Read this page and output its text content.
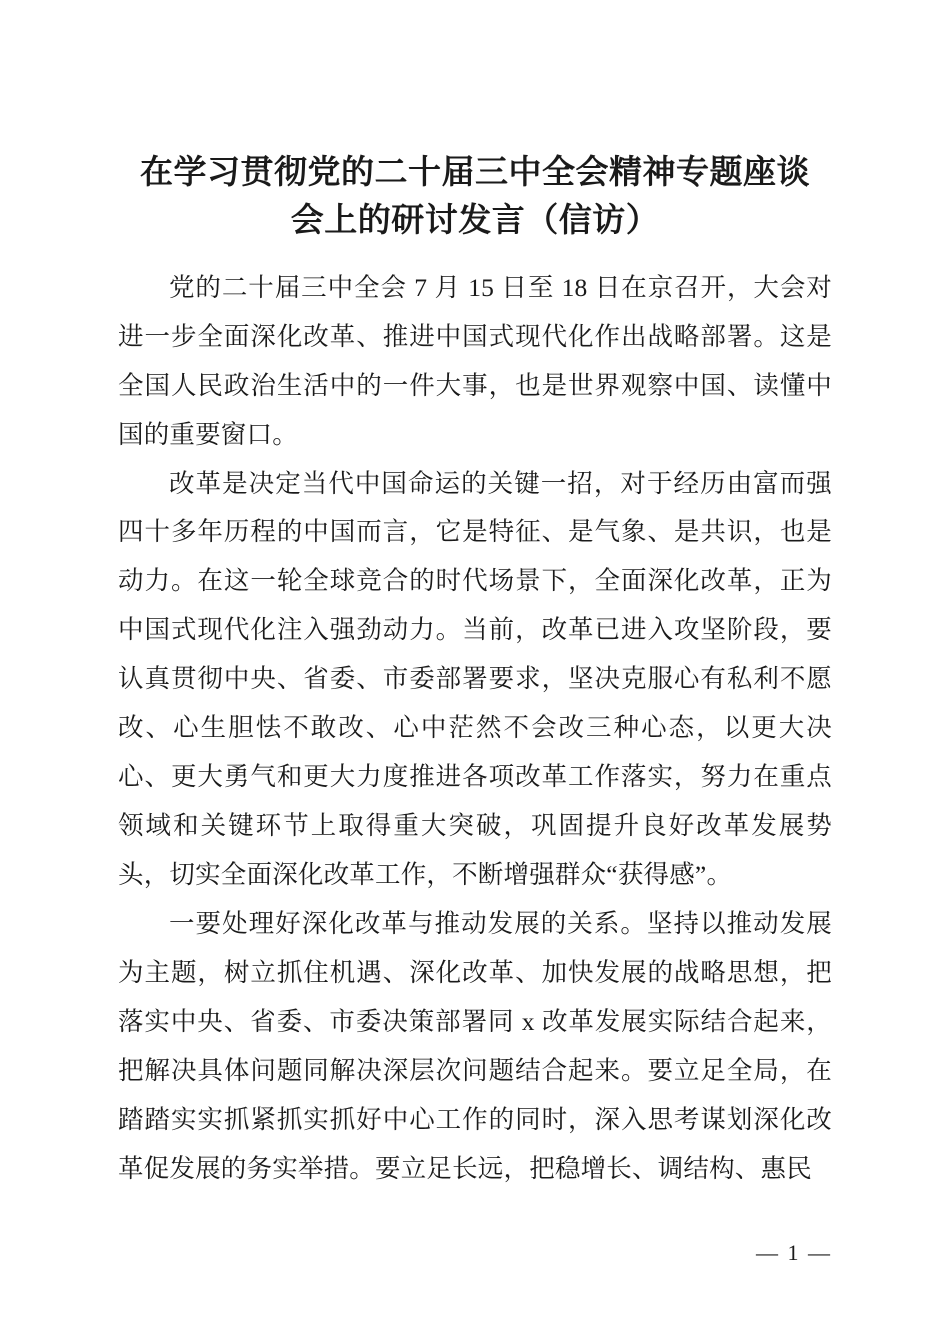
在学习贯彻党的二十届三中全会精神专题座谈会上的研讨发言（信访）

党的二十届三中全会 7 月 15 日至 18 日在京召开，大会对进一步全面深化改革、推进中国式现代化作出战略部署。这是全国人民政治生活中的一件大事，也是世界观察中国、读懂中国的重要窗口。

改革是决定当代中国命运的关键一招，对于经历由富而强四十多年历程的中国而言，它是特征、是气象、是共识，也是动力。在这一轮全球竞合的时代场景下，全面深化改革，正为中国式现代化注入强劲动力。当前，改革已进入攻坚阶段，要认真贯彻中央、省委、市委部署要求，坚决克服心有私利不愿改、心生胆怯不敢改、心中茫然不会改三种心态，以更大决心、更大勇气和更大力度推进各项改革工作落实，努力在重点领域和关键环节上取得重大突破，巩固提升良好改革发展势头，切实全面深化改革工作，不断增强群众“获得感”。

一要处理好深化改革与推动发展的关系。坚持以推动发展为主题，树立抓住机遇、深化改革、加快发展的战略思想，把落实中央、省委、市委决策部署同 x 改革发展实际结合起来，把解决具体问题同解决深层次问题结合起来。要立足全局，在踏踏实实抓紧抓实抓好中心工作的同时，深入思考谋划深化改革促发展的务实举措。要立足长远，把稳增长、调结构、惠民

— 1 —
